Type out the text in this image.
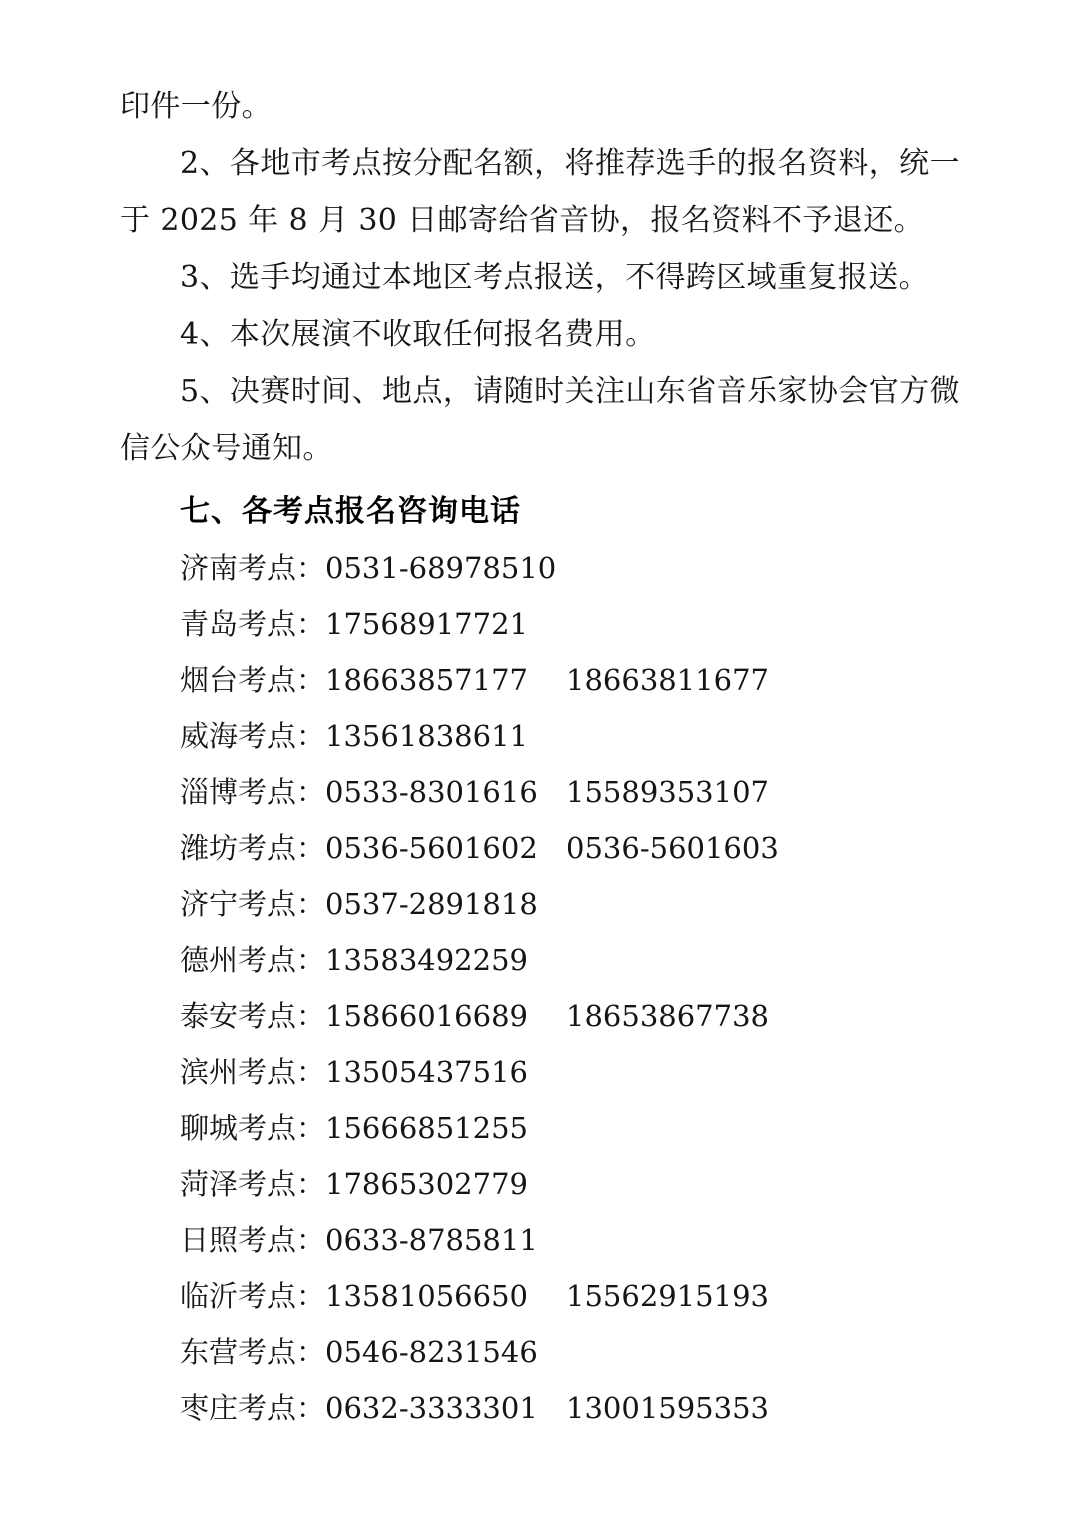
印件一份。

2、各地市考点按分配名额，将推荐选手的报名资料，统一于 2025 年 8 月 30 日邮寄给省音协，报名资料不予退还。

3、选手均通过本地区考点报送，不得跨区域重复报送。

4、本次展演不收取任何报名费用。

5、决赛时间、地点，请随时关注山东省音乐家协会官方微信公众号通知。

七、各考点报名咨询电话
济南考点：0531-68978510
青岛考点：17568917721
烟台考点：18663857177 18663811677
威海考点：13561838611
淄博考点：0533-8301616 15589353107
潍坊考点：0536-5601602 0536-5601603
济宁考点：0537-2891818
德州考点：13583492259
泰安考点：15866016689 18653867738
滨州考点：13505437516
聊城考点：15666851255
菏泽考点：17865302779
日照考点：0633-8785811
临沂考点：13581056650 15562915193
东营考点：0546-8231546
枣庄考点：0632-3333301 13001595353
